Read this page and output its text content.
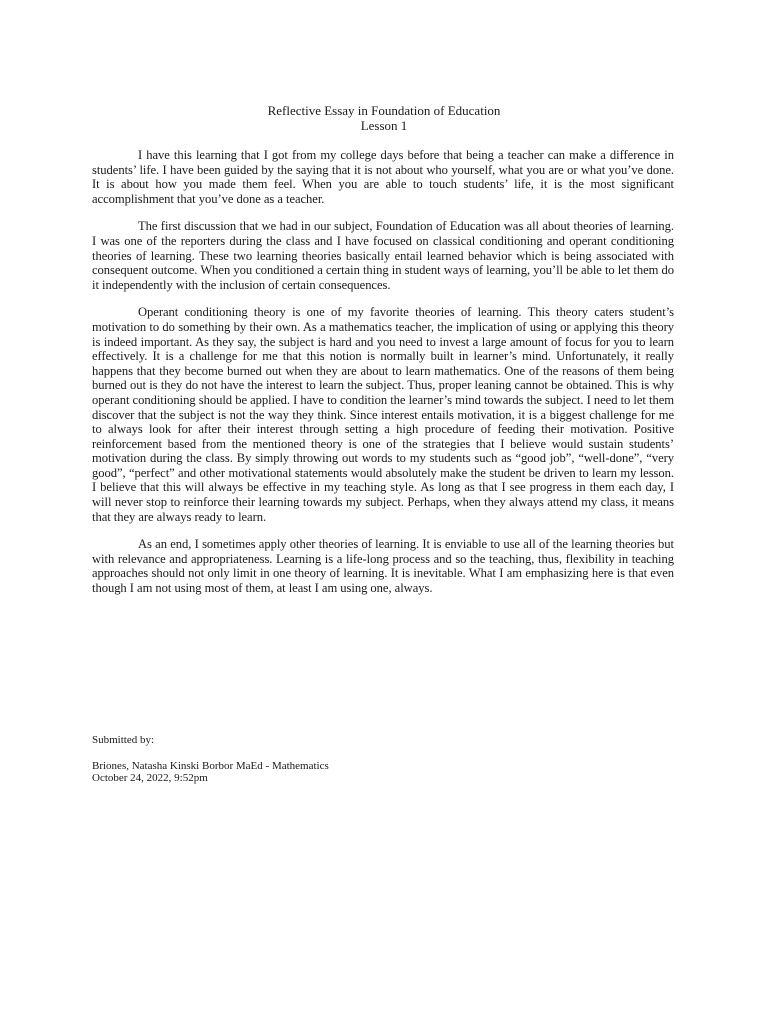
Reflective Essay in Foundation of Education
Lesson 1

I have this learning that I got from my college days before that being a teacher can make a difference in students’ life. I have been guided by the saying that it is not about who yourself, what you are or what you’ve done. It is about how you made them feel. When you are able to touch students’ life, it is the most significant accomplishment that you’ve done as a teacher.

The first discussion that we had in our subject, Foundation of Education was all about theories of learning. I was one of the reporters during the class and I have focused on classical conditioning and operant conditioning theories of learning. These two learning theories basically entail learned behavior which is being associated with consequent outcome. When you conditioned a certain thing in student ways of learning, you’ll be able to let them do it independently with the inclusion of certain consequences.

Operant conditioning theory is one of my favorite theories of learning. This theory caters student’s motivation to do something by their own. As a mathematics teacher, the implication of using or applying this theory is indeed important. As they say, the subject is hard and you need to invest a large amount of focus for you to learn effectively. It is a challenge for me that this notion is normally built in learner’s mind. Unfortunately, it really happens that they become burned out when they are about to learn mathematics. One of the reasons of them being burned out is they do not have the interest to learn the subject. Thus, proper leaning cannot be obtained. This is why operant conditioning should be applied. I have to condition the learner’s mind towards the subject. I need to let them discover that the subject is not the way they think. Since interest entails motivation, it is a biggest challenge for me to always look for after their interest through setting a high procedure of feeding their motivation. Positive reinforcement based from the mentioned theory is one of the strategies that I believe would sustain students’ motivation during the class. By simply throwing out words to my students such as “good job”, “well-done”, “very good”, “perfect” and other motivational statements would absolutely make the student be driven to learn my lesson. I believe that this will always be effective in my teaching style. As long as that I see progress in them each day, I will never stop to reinforce their learning towards my subject. Perhaps, when they always attend my class, it means that they are always ready to learn.

As an end, I sometimes apply other theories of learning. It is enviable to use all of the learning theories but with relevance and appropriateness. Learning is a life-long process and so the teaching, thus, flexibility in teaching approaches should not only limit in one theory of learning. It is inevitable. What I am emphasizing here is that even though I am not using most of them, at least I am using one, always.

Submitted by:
Briones, Natasha Kinski Borbor MaEd - Mathematics
October 24, 2022, 9:52pm
